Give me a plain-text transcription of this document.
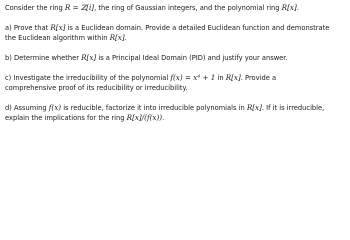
Consider the ring R = ℤ[i], the ring of Gaussian integers, and the polynomial ring R[x].

a) Prove that R[x] is a Euclidean domain. Provide a detailed Euclidean function and demonstrate

the Euclidean algorithm within R[x].

b) Determine whether R[x] is a Principal Ideal Domain (PID) and justify your answer.

c) Investigate the irreducibility of the polynomial f(x) = x⁴ + 1 in R[x]. Provide a

comprehensive proof of its reducibility or irreducibility.

d) Assuming f(x) is reducible, factorize it into irreducible polynomials in R[x]. If it is irreducible,

explain the implications for the ring R[x]/(f(x)).
